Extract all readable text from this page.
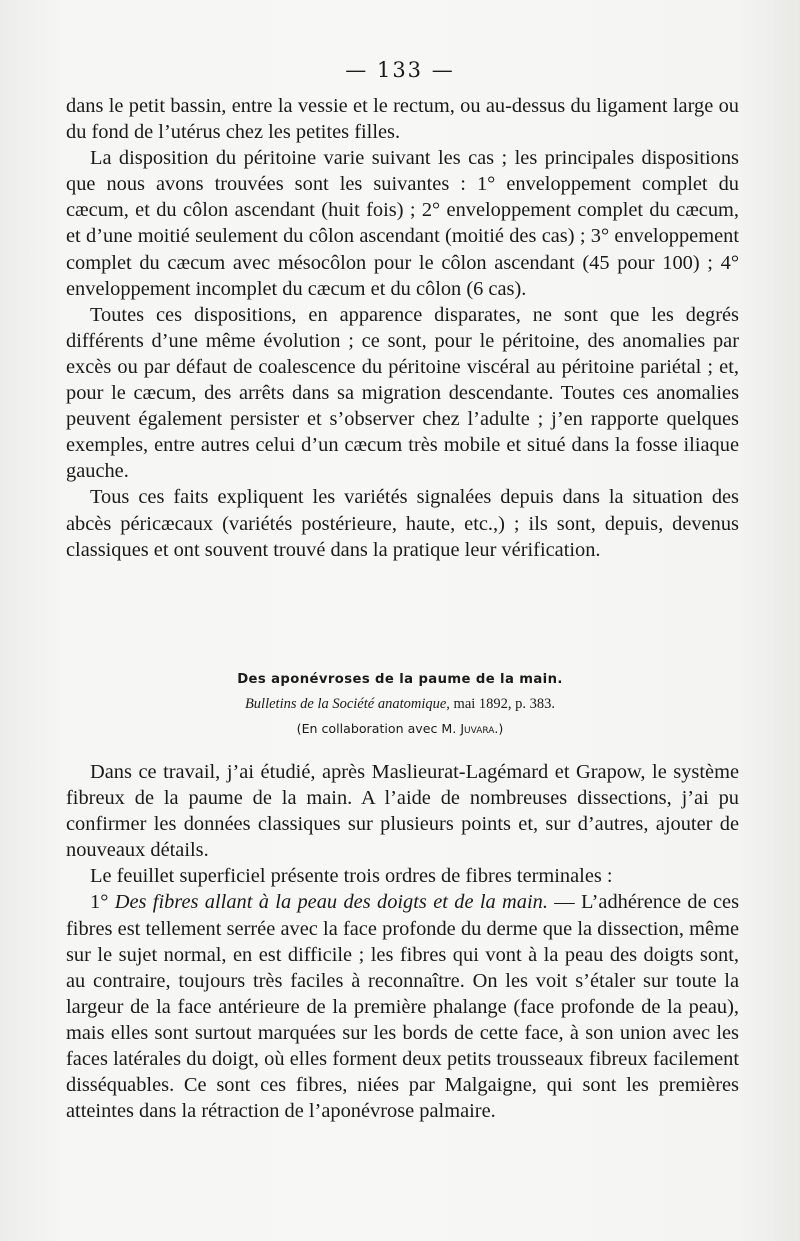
— 133 —

dans le petit bassin, entre la vessie et le rectum, ou au-dessus du ligament large ou du fond de l’utérus chez les petites filles.

La disposition du péritoine varie suivant les cas ; les principales dispositions que nous avons trouvées sont les suivantes : 1° enveloppement complet du cæcum, et du côlon ascendant (huit fois) ; 2° enveloppement complet du cæcum, et d’une moitié seulement du côlon ascendant (moitié des cas) ; 3° enveloppement complet du cæcum avec mésocôlon pour le côlon ascendant (45 pour 100) ; 4° enveloppement incomplet du cæcum et du côlon (6 cas).

Toutes ces dispositions, en apparence disparates, ne sont que les degrés différents d’une même évolution ; ce sont, pour le péritoine, des anomalies par excès ou par défaut de coalescence du péritoine viscéral au péritoine pariétal ; et, pour le cæcum, des arrêts dans sa migration descendante. Toutes ces anomalies peuvent également persister et s’observer chez l’adulte ; j’en rapporte quelques exemples, entre autres celui d’un cæcum très mobile et situé dans la fosse iliaque gauche.

Tous ces faits expliquent les variétés signalées depuis dans la situation des abcès péricæcaux (variétés postérieure, haute, etc.,) ; ils sont, depuis, devenus classiques et ont souvent trouvé dans la pratique leur vérification.

Des aponévroses de la paume de la main.
Bulletins de la Société anatomique, mai 1892, p. 383.
(En collaboration avec M. Juvara.)

Dans ce travail, j’ai étudié, après Maslieurat-Lagémard et Grapow, le système fibreux de la paume de la main. A l’aide de nombreuses dissections, j’ai pu confirmer les données classiques sur plusieurs points et, sur d’autres, ajouter de nouveaux détails.

Le feuillet superficiel présente trois ordres de fibres terminales :

1° Des fibres allant à la peau des doigts et de la main. — L’adhérence de ces fibres est tellement serrée avec la face profonde du derme que la dissection, même sur le sujet normal, en est difficile ; les fibres qui vont à la peau des doigts sont, au contraire, toujours très faciles à reconnaître. On les voit s’étaler sur toute la largeur de la face antérieure de la première phalange (face profonde de la peau), mais elles sont surtout marquées sur les bords de cette face, à son union avec les faces latérales du doigt, où elles forment deux petits trousseaux fibreux facilement disséquables. Ce sont ces fibres, niées par Malgaigne, qui sont les premières atteintes dans la rétraction de l’aponévrose palmaire.
